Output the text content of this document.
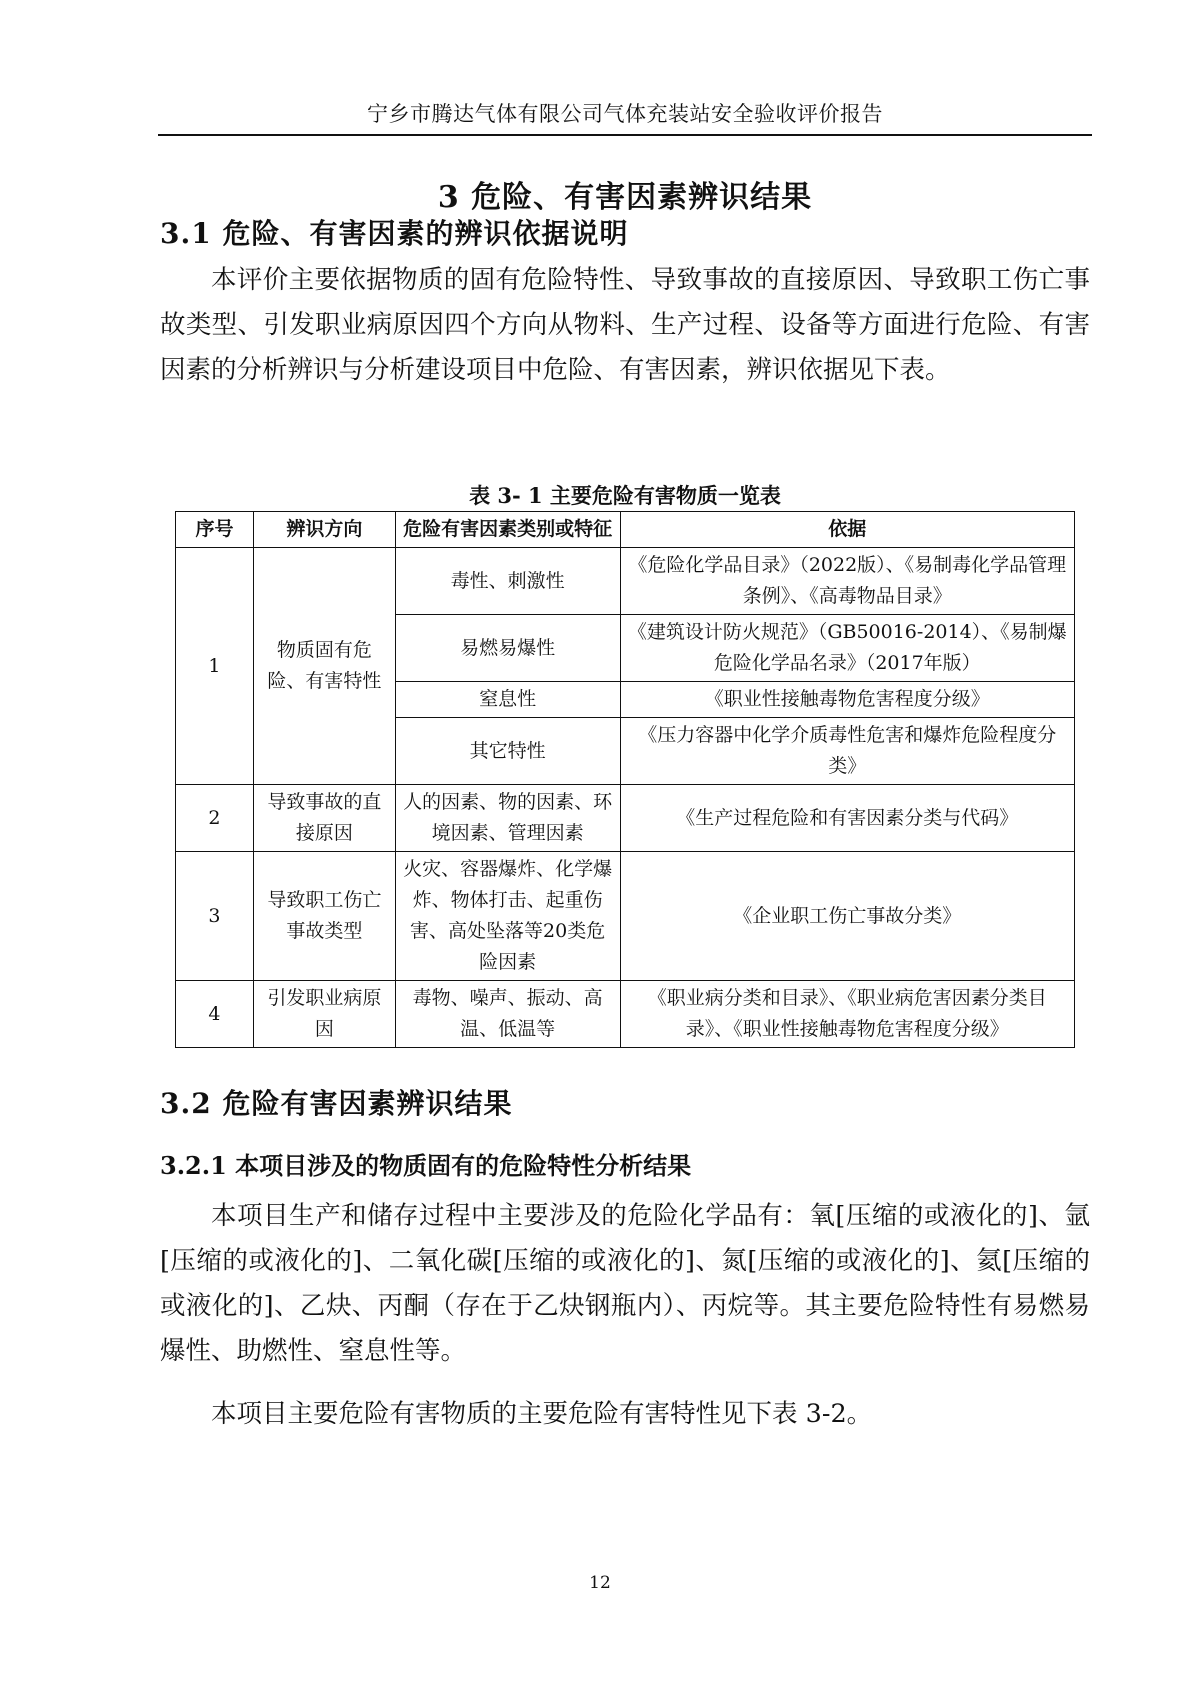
宁乡市腾达气体有限公司气体充装站安全验收评价报告
3 危险、有害因素辨识结果
3.1 危险、有害因素的辨识依据说明

本评价主要依据物质的固有危险特性、导致事故的直接原因、导致职工伤亡事故类型、引发职业病原因四个方向从物料、生产过程、设备等方面进行危险、有害因素的分析辨识与分析建设项目中危险、有害因素，辨识依据见下表。

表 3- 1 主要危险有害物质一览表
序号	辨识方向	危险有害因素类别或特征	依据
1	物质固有危险、有害特性	毒性、刺激性	《危险化学品目录》（2022版）、《易制毒化学品管理条例》、《高毒物品目录》
		易燃易爆性	《建筑设计防火规范》（GB50016-2014）、《易制爆危险化学品名录》（2017年版）
		窒息性	《职业性接触毒物危害程度分级》
		其它特性	《压力容器中化学介质毒性危害和爆炸危险程度分类》
2	导致事故的直接原因	人的因素、物的因素、环境因素、管理因素	《生产过程危险和有害因素分类与代码》
3	导致职工伤亡事故类型	火灾、容器爆炸、化学爆炸、物体打击、起重伤害、高处坠落等20类危险因素	《企业职工伤亡事故分类》
4	引发职业病原因	毒物、噪声、振动、高温、低温等	《职业病分类和目录》、《职业病危害因素分类目录》、《职业性接触毒物危害程度分级》
3.2 危险有害因素辨识结果
3.2.1 本项目涉及的物质固有的危险特性分析结果

本项目生产和储存过程中主要涉及的危险化学品有：氧[压缩的或液化的]、氩[压缩的或液化的]、二氧化碳[压缩的或液化的]、氮[压缩的或液化的]、氦[压缩的或液化的]、乙炔、丙酮（存在于乙炔钢瓶内）、丙烷等。其主要危险特性有易燃易爆性、助燃性、窒息性等。

本项目主要危险有害物质的主要危险有害特性见下表 3-2。

12
